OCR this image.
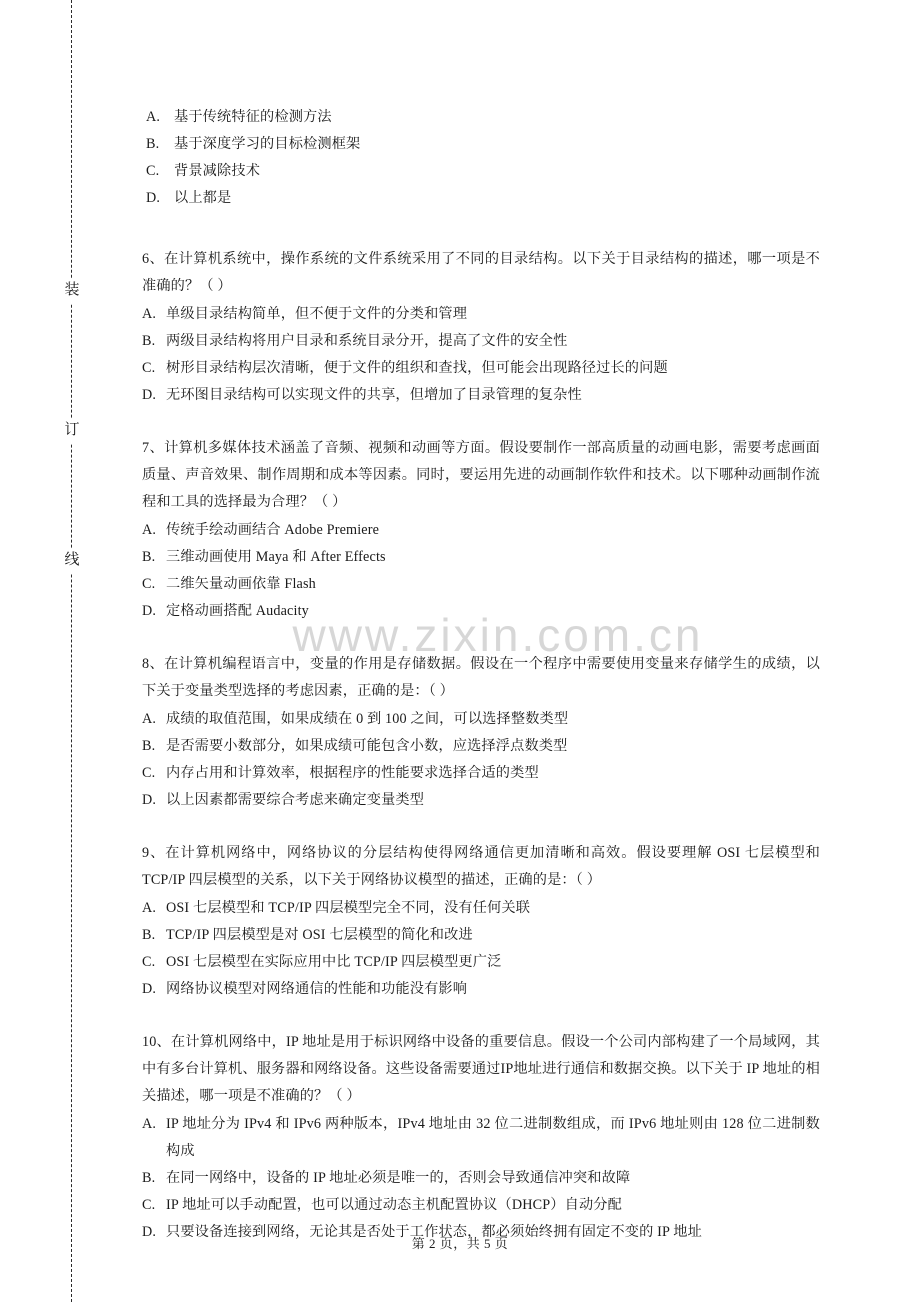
装
订
线
www.zixin.com.cn
A. 基于传统特征的检测方法
B.	基于深度学习的目标检测框架
C.	背景减除技术
D. 以上都是

6、在计算机系统中，操作系统的文件系统采用了不同的目录结构。以下关于目录结构的描述，哪一项是不准确的？（ ）

A. 单级目录结构简单，但不便于文件的分类和管理
B. 两级目录结构将用户目录和系统目录分开，提高了文件的安全性
C. 树形目录结构层次清晰，便于文件的组织和查找，但可能会出现路径过长的问题
D. 无环图目录结构可以实现文件的共享，但增加了目录管理的复杂性

7、计算机多媒体技术涵盖了音频、视频和动画等方面。假设要制作一部高质量的动画电影，需要考虑画面质量、声音效果、制作周期和成本等因素。同时，要运用先进的动画制作软件和技术。以下哪种动画制作流程和工具的选择最为合理？（ ）

A. 传统手绘动画结合 Adobe Premiere
B. 三维动画使用 Maya 和 After Effects
C. 二维矢量动画依靠 Flash
D. 定格动画搭配 Audacity

8、在计算机编程语言中，变量的作用是存储数据。假设在一个程序中需要使用变量来存储学生的成绩，以下关于变量类型选择的考虑因素，正确的是：（ ）

A. 成绩的取值范围，如果成绩在 0 到 100 之间，可以选择整数类型
B. 是否需要小数部分，如果成绩可能包含小数，应选择浮点数类型
C. 内存占用和计算效率，根据程序的性能要求选择合适的类型
D. 以上因素都需要综合考虑来确定变量类型

9、在计算机网络中，网络协议的分层结构使得网络通信更加清晰和高效。假设要理解 OSI 七层模型和 TCP/IP 四层模型的关系，以下关于网络协议模型的描述，正确的是：（ ）

A. OSI 七层模型和 TCP/IP 四层模型完全不同，没有任何关联
B. TCP/IP 四层模型是对 OSI 七层模型的简化和改进
C. OSI 七层模型在实际应用中比 TCP/IP 四层模型更广泛
D. 网络协议模型对网络通信的性能和功能没有影响

10、在计算机网络中，IP 地址是用于标识网络中设备的重要信息。假设一个公司内部构建了一个局域网，其中有多台计算机、服务器和网络设备。这些设备需要通过IP地址进行通信和数据交换。以下关于 IP 地址的相关描述，哪一项是不准确的？（ ）

A. IP 地址分为 IPv4 和 IPv6 两种版本，IPv4 地址由 32 位二进制数组成，而 IPv6 地址则由 128 位二进制数构成
B. 在同一网络中，设备的 IP 地址必须是唯一的，否则会导致通信冲突和故障
C. IP 地址可以手动配置，也可以通过动态主机配置协议（DHCP）自动分配
D. 只要设备连接到网络，无论其是否处于工作状态，都必须始终拥有固定不变的 IP 地址
第 2 页，共 5 页
